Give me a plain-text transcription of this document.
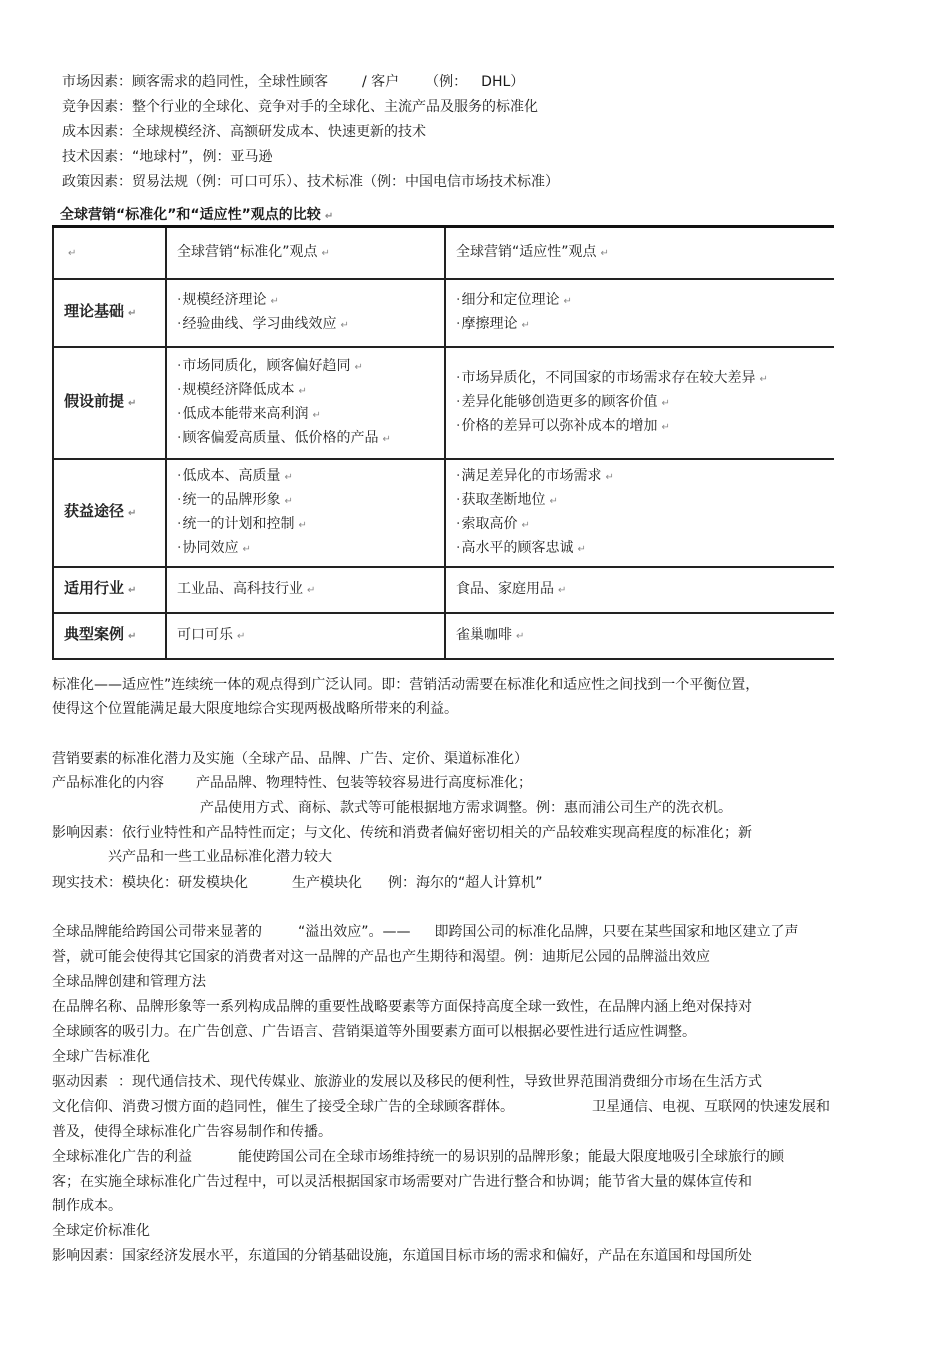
市场因素：顾客需求的趋同性，全球性顾客 / 客户 （例： DHL）
竞争因素：整个行业的全球化、竞争对手的全球化、主流产品及服务的标准化
成本因素：全球规模经济、高额研发成本、快速更新的技术
技术因素：“地球村”，例：亚马逊
政策因素：贸易法规（例：可口可乐）、技术标准（例：中国电信市场技术标准）
全球营销“标准化”和“适应性”观点的比较 ↵
↵	全球营销“标准化”观点 ↵	全球营销“适应性”观点 ↵
理论基础 ↵	· 规模经济理论 ↵
· 经验曲线、学习曲线效应 ↵	· 细分和定位理论 ↵
· 摩擦理论 ↵

假设前提 ↵	· 市场同质化，顾客偏好趋同 ↵
· 规模经济降低成本 ↵
· 低成本能带来高利润 ↵
· 顾客偏爱高质量、低价格的产品 ↵	· 市场异质化，不同国家的市场需求存在较大差异 ↵
· 差异化能够创造更多的顾客价值 ↵
· 价格的差异可以弥补成本的增加 ↵

获益途径 ↵	· 低成本、高质量 ↵
· 统一的品牌形象 ↵
· 统一的计划和控制 ↵
· 协同效应 ↵	· 满足差异化的市场需求 ↵
· 获取垄断地位 ↵
· 索取高价 ↵
· 高水平的顾客忠诚 ↵

适用行业 ↵	工业品、高科技行业 ↵	食品、家庭用品 ↵
典型案例 ↵	可口可乐 ↵	雀巢咖啡 ↵
标准化——适应性”连续统一体的观点得到广泛认同。即：营销活动需要在标准化和适应性之间找到一个平衡位置，
使得这个位置能满足最大限度地综合实现两极战略所带来的利益。
营销要素的标准化潜力及实施（全球产品、品牌、广告、定价、渠道标准化）
产品标准化的内容 产品品牌、物理特性、包装等较容易进行高度标准化；
产品使用方式、商标、款式等可能根据地方需求调整。例：惠而浦公司生产的洗衣机。
影响因素：依行业特性和产品特性而定；与文化、传统和消费者偏好密切相关的产品较难实现高程度的标准化；新
兴产品和一些工业品标准化潜力较大
现实技术：模块化：研发模块化	生产模块化 例：海尔的“超人计算机”
全球品牌能给跨国公司带来显著的	“溢出效应”。—— 即跨国公司的标准化品牌，只要在某些国家和地区建立了声
誉，就可能会使得其它国家的消费者对这一品牌的产品也产生期待和渴望。例：迪斯尼公园的品牌溢出效应
全球品牌创建和管理方法
在品牌名称、品牌形象等一系列构成品牌的重要性战略要素等方面保持高度全球一致性，在品牌内涵上绝对保持对
全球顾客的吸引力。在广告创意、广告语言、营销渠道等外围要素方面可以根据必要性进行适应性调整。
全球广告标准化
驱动因素 ：现代通信技术、现代传媒业、旅游业的发展以及移民的便利性，导致世界范围消费细分市场在生活方式
文化信仰、消费习惯方面的趋同性，催生了接受全球广告的全球顾客群体。	卫星通信、电视、互联网的快速发展和
普及，使得全球标准化广告容易制作和传播。
全球标准化广告的利益	能使跨国公司在全球市场维持统一的易识别的品牌形象；能最大限度地吸引全球旅行的顾
客；在实施全球标准化广告过程中，可以灵活根据国家市场需要对广告进行整合和协调；能节省大量的媒体宣传和
制作成本。
全球定价标准化
影响因素：国家经济发展水平，东道国的分销基础设施，东道国目标市场的需求和偏好，产品在东道国和母国所处
